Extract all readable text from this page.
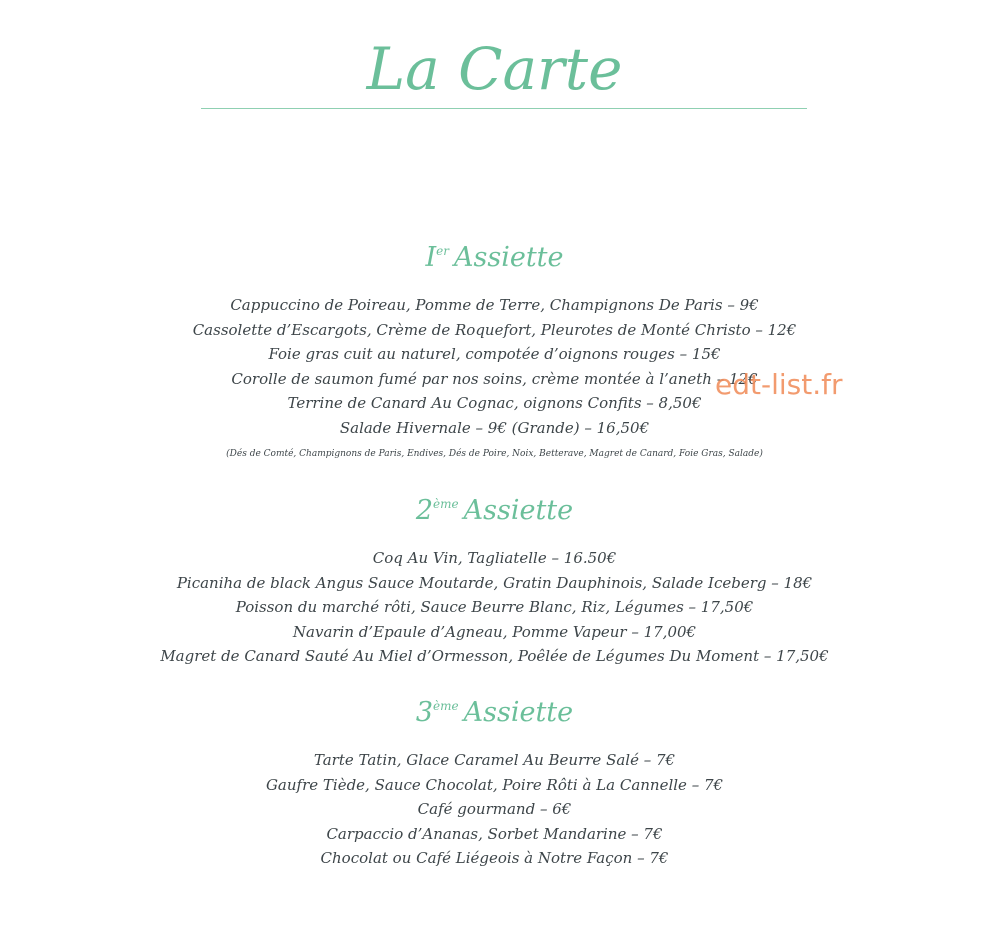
La Carte
Ier Assiette
Cappuccino de Poireau, Pomme de Terre, Champignons De Paris – 9€
Cassolette d’Escargots, Crème de Roquefort, Pleurotes de Monté Christo – 12€
Foie gras cuit au naturel, compotée d’oignons rouges – 15€
Corolle de saumon fumé par nos soins, crème montée à l’aneth – 12€
Terrine de Canard Au Cognac, oignons Confits – 8,50€
Salade Hivernale – 9€ (Grande) – 16,50€
(Dés de Comté, Champignons de Paris, Endives, Dés de Poire, Noix, Betterave, Magret de Canard, Foie Gras, Salade)
2ème Assiette
Coq Au Vin, Tagliatelle – 16.50€
Picaniha de black Angus Sauce Moutarde, Gratin Dauphinois, Salade Iceberg – 18€
Poisson du marché rôti, Sauce Beurre Blanc, Riz, Légumes – 17,50€
Navarin d’Epaule d’Agneau, Pomme Vapeur – 17,00€
Magret de Canard Sauté Au Miel d’Ormesson, Poêlée de Légumes Du Moment – 17,50€
3ème Assiette
Tarte Tatin, Glace Caramel Au Beurre Salé – 7€
Gaufre Tiède, Sauce Chocolat, Poire Rôti à La Cannelle – 7€
Café gourmand – 6€
Carpaccio d’Ananas, Sorbet Mandarine – 7€
Chocolat ou Café Liégeois à Notre Façon – 7€
edt-list.fr
